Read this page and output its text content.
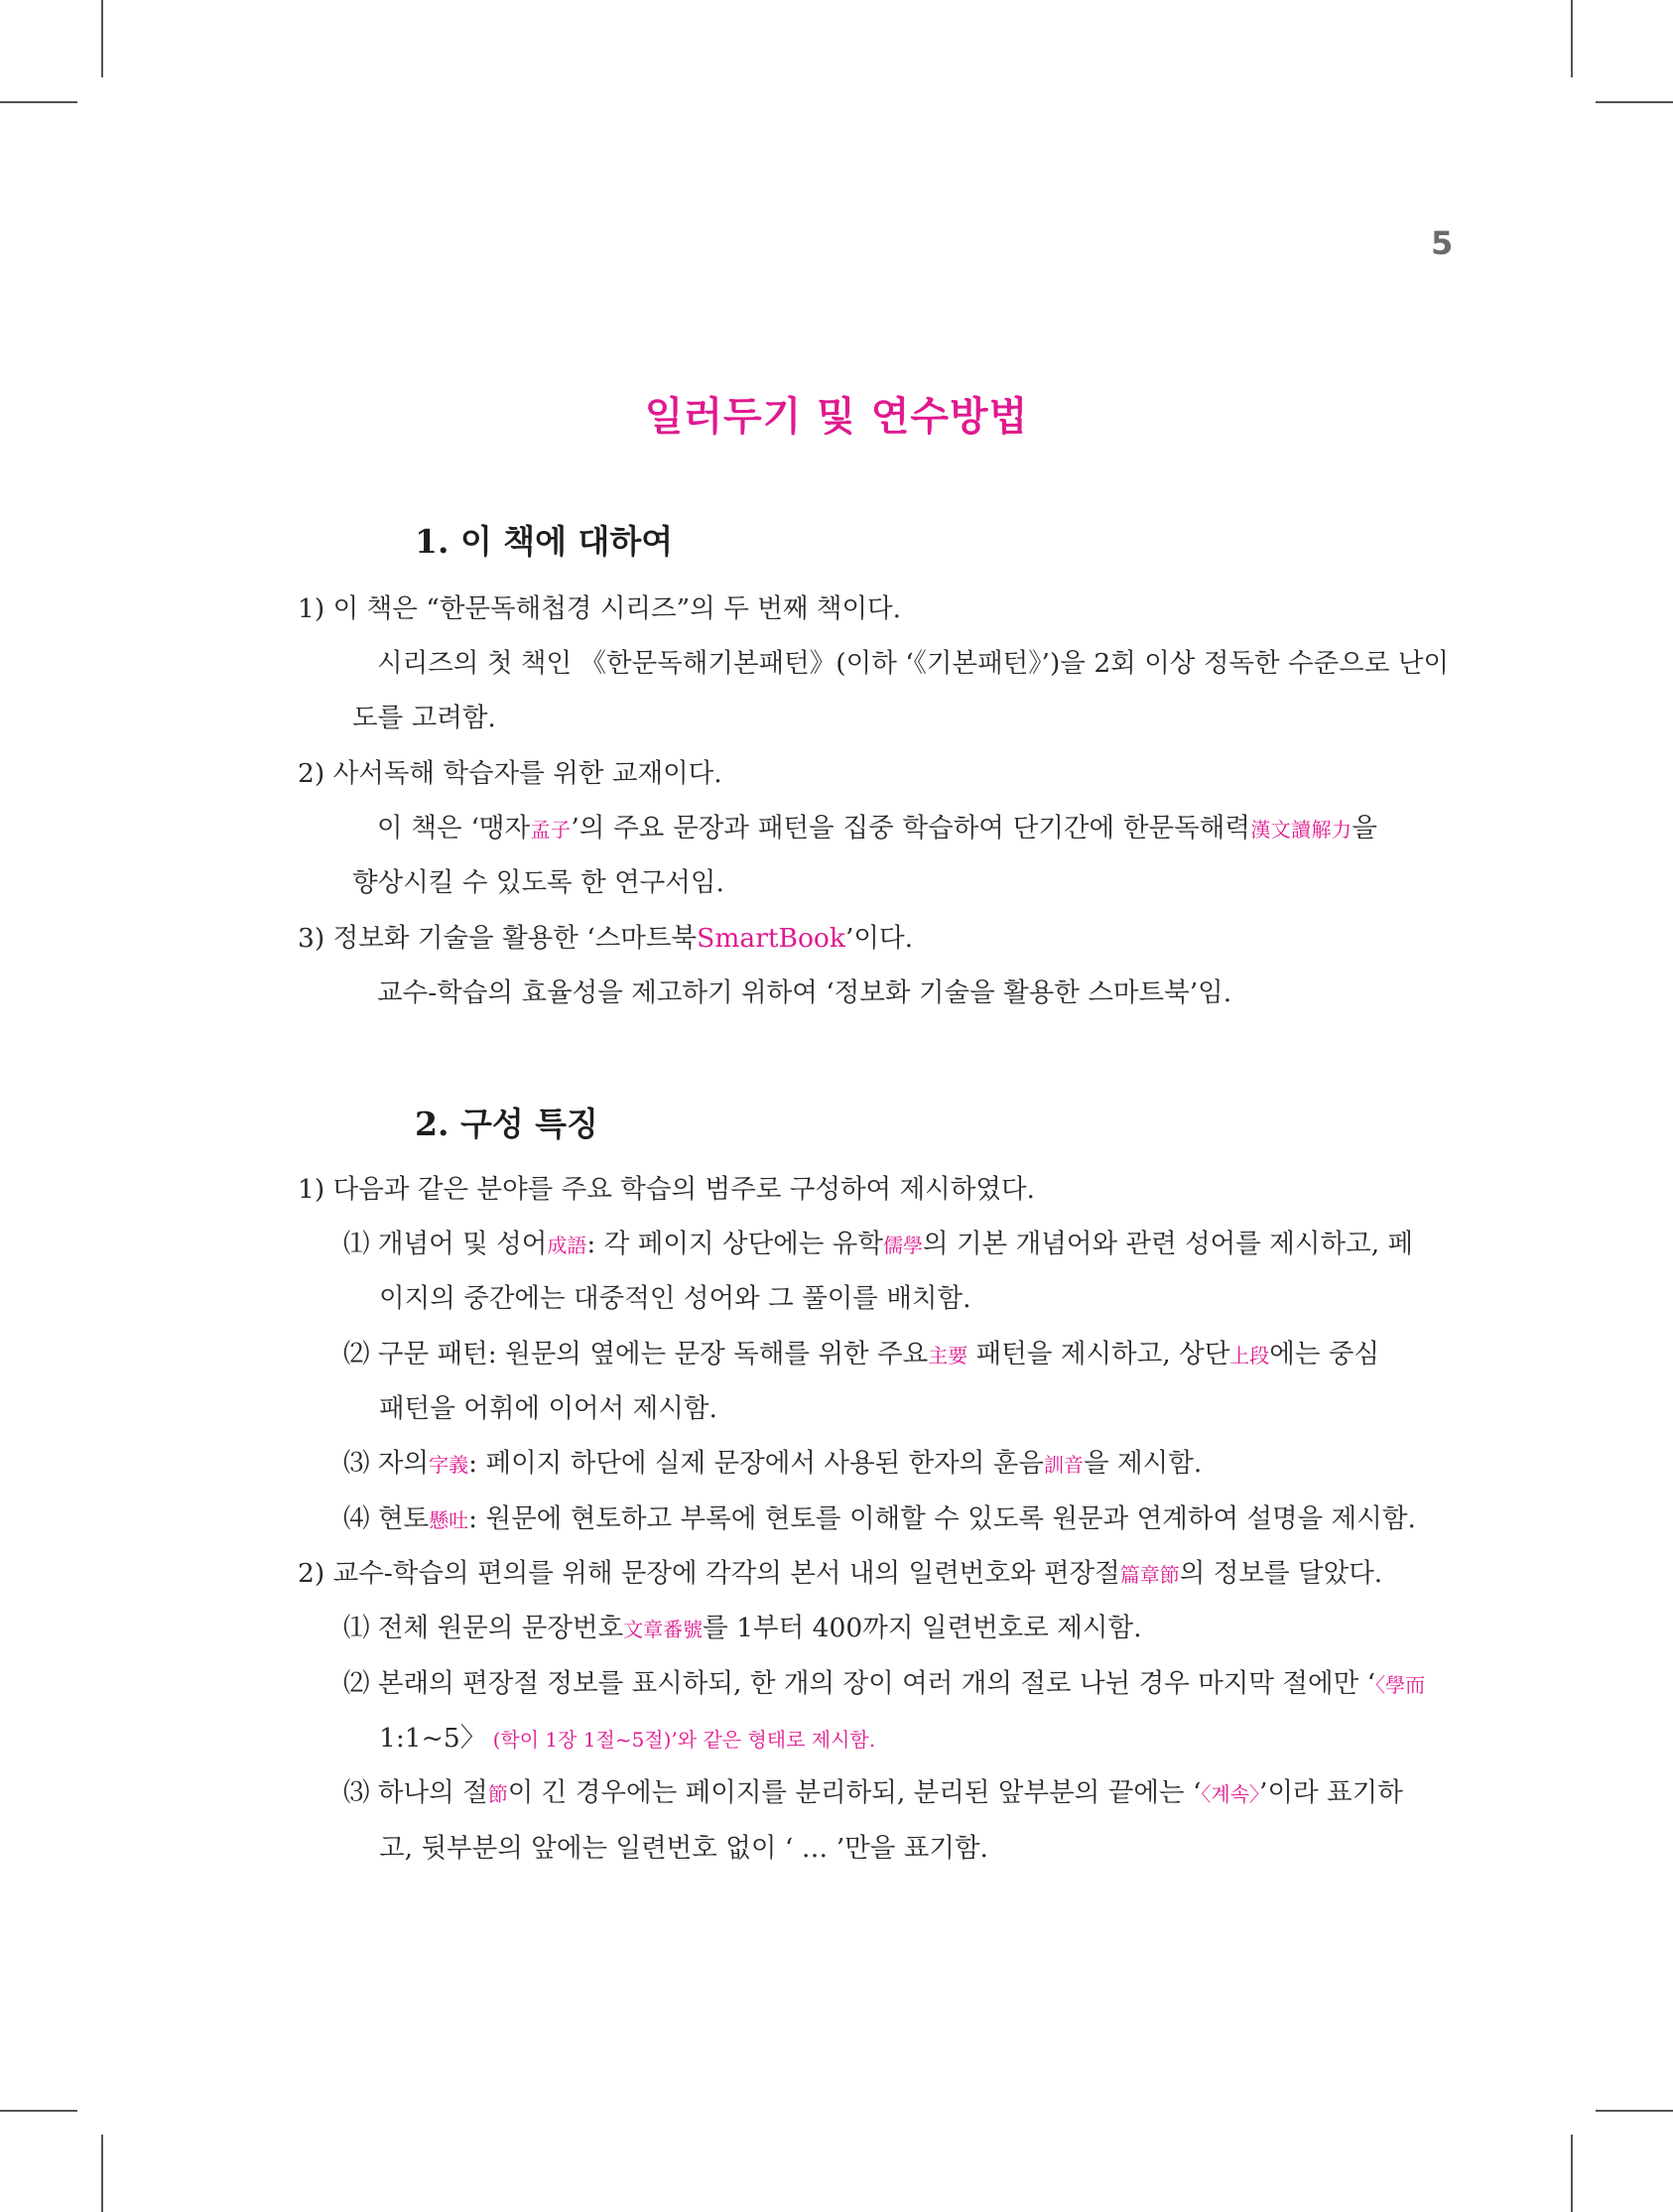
5
일러두기 및 연수방법
1. 이 책에 대하여

1) 이 책은 “한문독해첩경 시리즈”의 두 번째 책이다.

시리즈의 첫 책인 《한문독해기본패턴》(이하 ‘《기본패턴》’)을 2회 이상 정독한 수준으로 난이

도를 고려함.

2) 사서독해 학습자를 위한 교재이다.

이 책은 ‘맹자孟子’의 주요 문장과 패턴을 집중 학습하여 단기간에 한문독해력漢文讀解力을

향상시킬 수 있도록 한 연구서임.

3) 정보화 기술을 활용한 ‘스마트북SmartBook’이다.

교수-학습의 효율성을 제고하기 위하여 ‘정보화 기술을 활용한 스마트북’임.

2. 구성 특징

1) 다음과 같은 분야를 주요 학습의 범주로 구성하여 제시하였다.

⑴ 개념어 및 성어成語: 각 페이지 상단에는 유학儒學의 기본 개념어와 관련 성어를 제시하고, 페

이지의 중간에는 대중적인 성어와 그 풀이를 배치함.

⑵ 구문 패턴: 원문의 옆에는 문장 독해를 위한 주요主要 패턴을 제시하고, 상단上段에는 중심

패턴을 어휘에 이어서 제시함.

⑶ 자의字義: 페이지 하단에 실제 문장에서 사용된 한자의 훈음訓音을 제시함.

⑷ 현토懸吐: 원문에 현토하고 부록에 현토를 이해할 수 있도록 원문과 연계하여 설명을 제시함.

2) 교수-학습의 편의를 위해 문장에 각각의 본서 내의 일련번호와 편장절篇章節의 정보를 달았다.

⑴ 전체 원문의 문장번호文章番號를 1부터 400까지 일련번호로 제시함.

⑵ 본래의 편장절 정보를 표시하되, 한 개의 장이 여러 개의 절로 나뉜 경우 마지막 절에만 ‘〈學而

1:1~5〉 (학이 1장 1절~5절)’와 같은 형태로 제시함.

⑶ 하나의 절節이 긴 경우에는 페이지를 분리하되, 분리된 앞부분의 끝에는 ‘〈계속〉’이라 표기하

고, 뒷부분의 앞에는 일련번호 없이 ‘ … ’만을 표기함.
